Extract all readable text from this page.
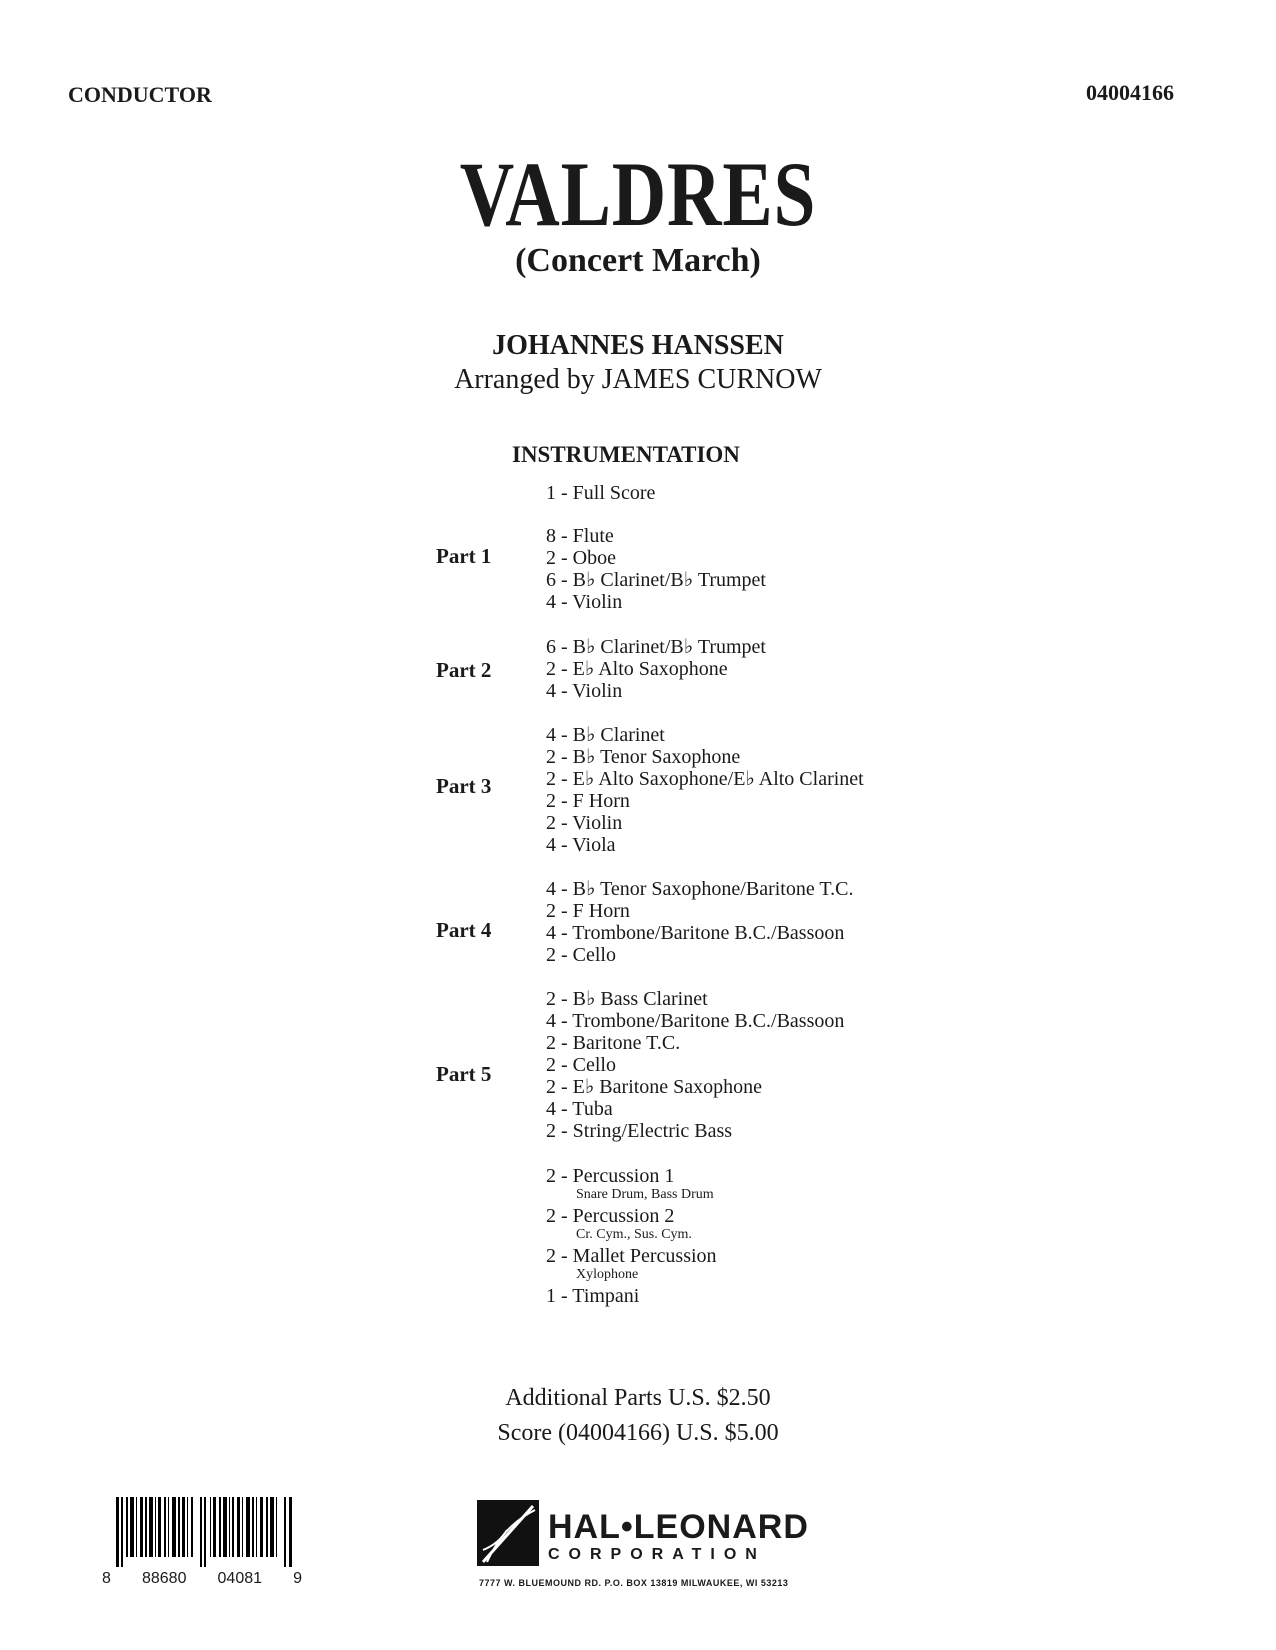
CONDUCTOR	04004166
VALDRES
(Concert March)
JOHANNES HANSSEN
Arranged by JAMES CURNOW
INSTRUMENTATION
1 - Full Score
Part 1
8 - Flute
2 - Oboe
6 - B♭ Clarinet/B♭ Trumpet
4 - Violin
Part 2
6 - B♭ Clarinet/B♭ Trumpet
2 - E♭ Alto Saxophone
4 - Violin
Part 3
4 - B♭ Clarinet
2 - B♭ Tenor Saxophone
2 - E♭ Alto Saxophone/E♭ Alto Clarinet
2 - F Horn
2 - Violin
4 - Viola
Part 4
4 - B♭ Tenor Saxophone/Baritone T.C.
2 - F Horn
4 - Trombone/Baritone B.C./Bassoon
2 - Cello
Part 5
2 - B♭ Bass Clarinet
4 - Trombone/Baritone B.C./Bassoon
2 - Baritone T.C.
2 - Cello
2 - E♭ Baritone Saxophone
4 - Tuba
2 - String/Electric Bass
2 - Percussion 1
Snare Drum, Bass Drum
2 - Percussion 2
Cr. Cym., Sus. Cym.
2 - Mallet Percussion
Xylophone
1 - Timpani
Additional Parts U.S. $2.50
Score (04004166) U.S. $5.00
8 88680 04081 9
HAL•LEONARD
CORPORATION
7777 W. BLUEMOUND RD. P.O. BOX 13819 MILWAUKEE, WI 53213
